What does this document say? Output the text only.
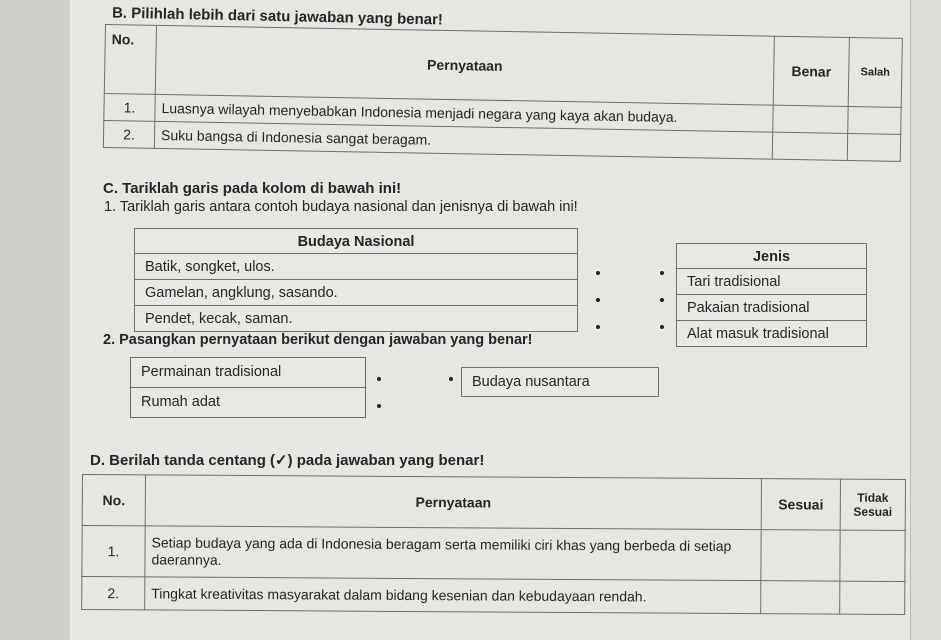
B. Pilihlah lebih dari satu jawaban yang benar!
No.	Pernyataan	Benar	Salah
1.	Luasnya wilayah menyebabkan Indonesia menjadi negara yang kaya akan budaya.		
2.	Suku bangsa di Indonesia sangat beragam.		
C. Tariklah garis pada kolom di bawah ini!
1. Tariklah garis antara contoh budaya nasional dan jenisnya di bawah ini!
Budaya Nasional
Batik, songket, ulos.
Gamelan, angklung, sasando.
Pendet, kecak, saman.
Jenis
Tari tradisional
Pakaian tradisional
Alat masuk tradisional
2. Pasangkan pernyataan berikut dengan jawaban yang benar!
Permainan tradisional
Rumah adat
Budaya nusantara
D. Berilah tanda centang (✓) pada jawaban yang benar!
No.	Pernyataan	Sesuai	Tidak Sesuai
1.	Setiap budaya yang ada di Indonesia beragam serta memiliki ciri khas yang berbeda di setiap daerannya.		
2.	Tingkat kreativitas masyarakat dalam bidang kesenian dan kebudayaan rendah.		
